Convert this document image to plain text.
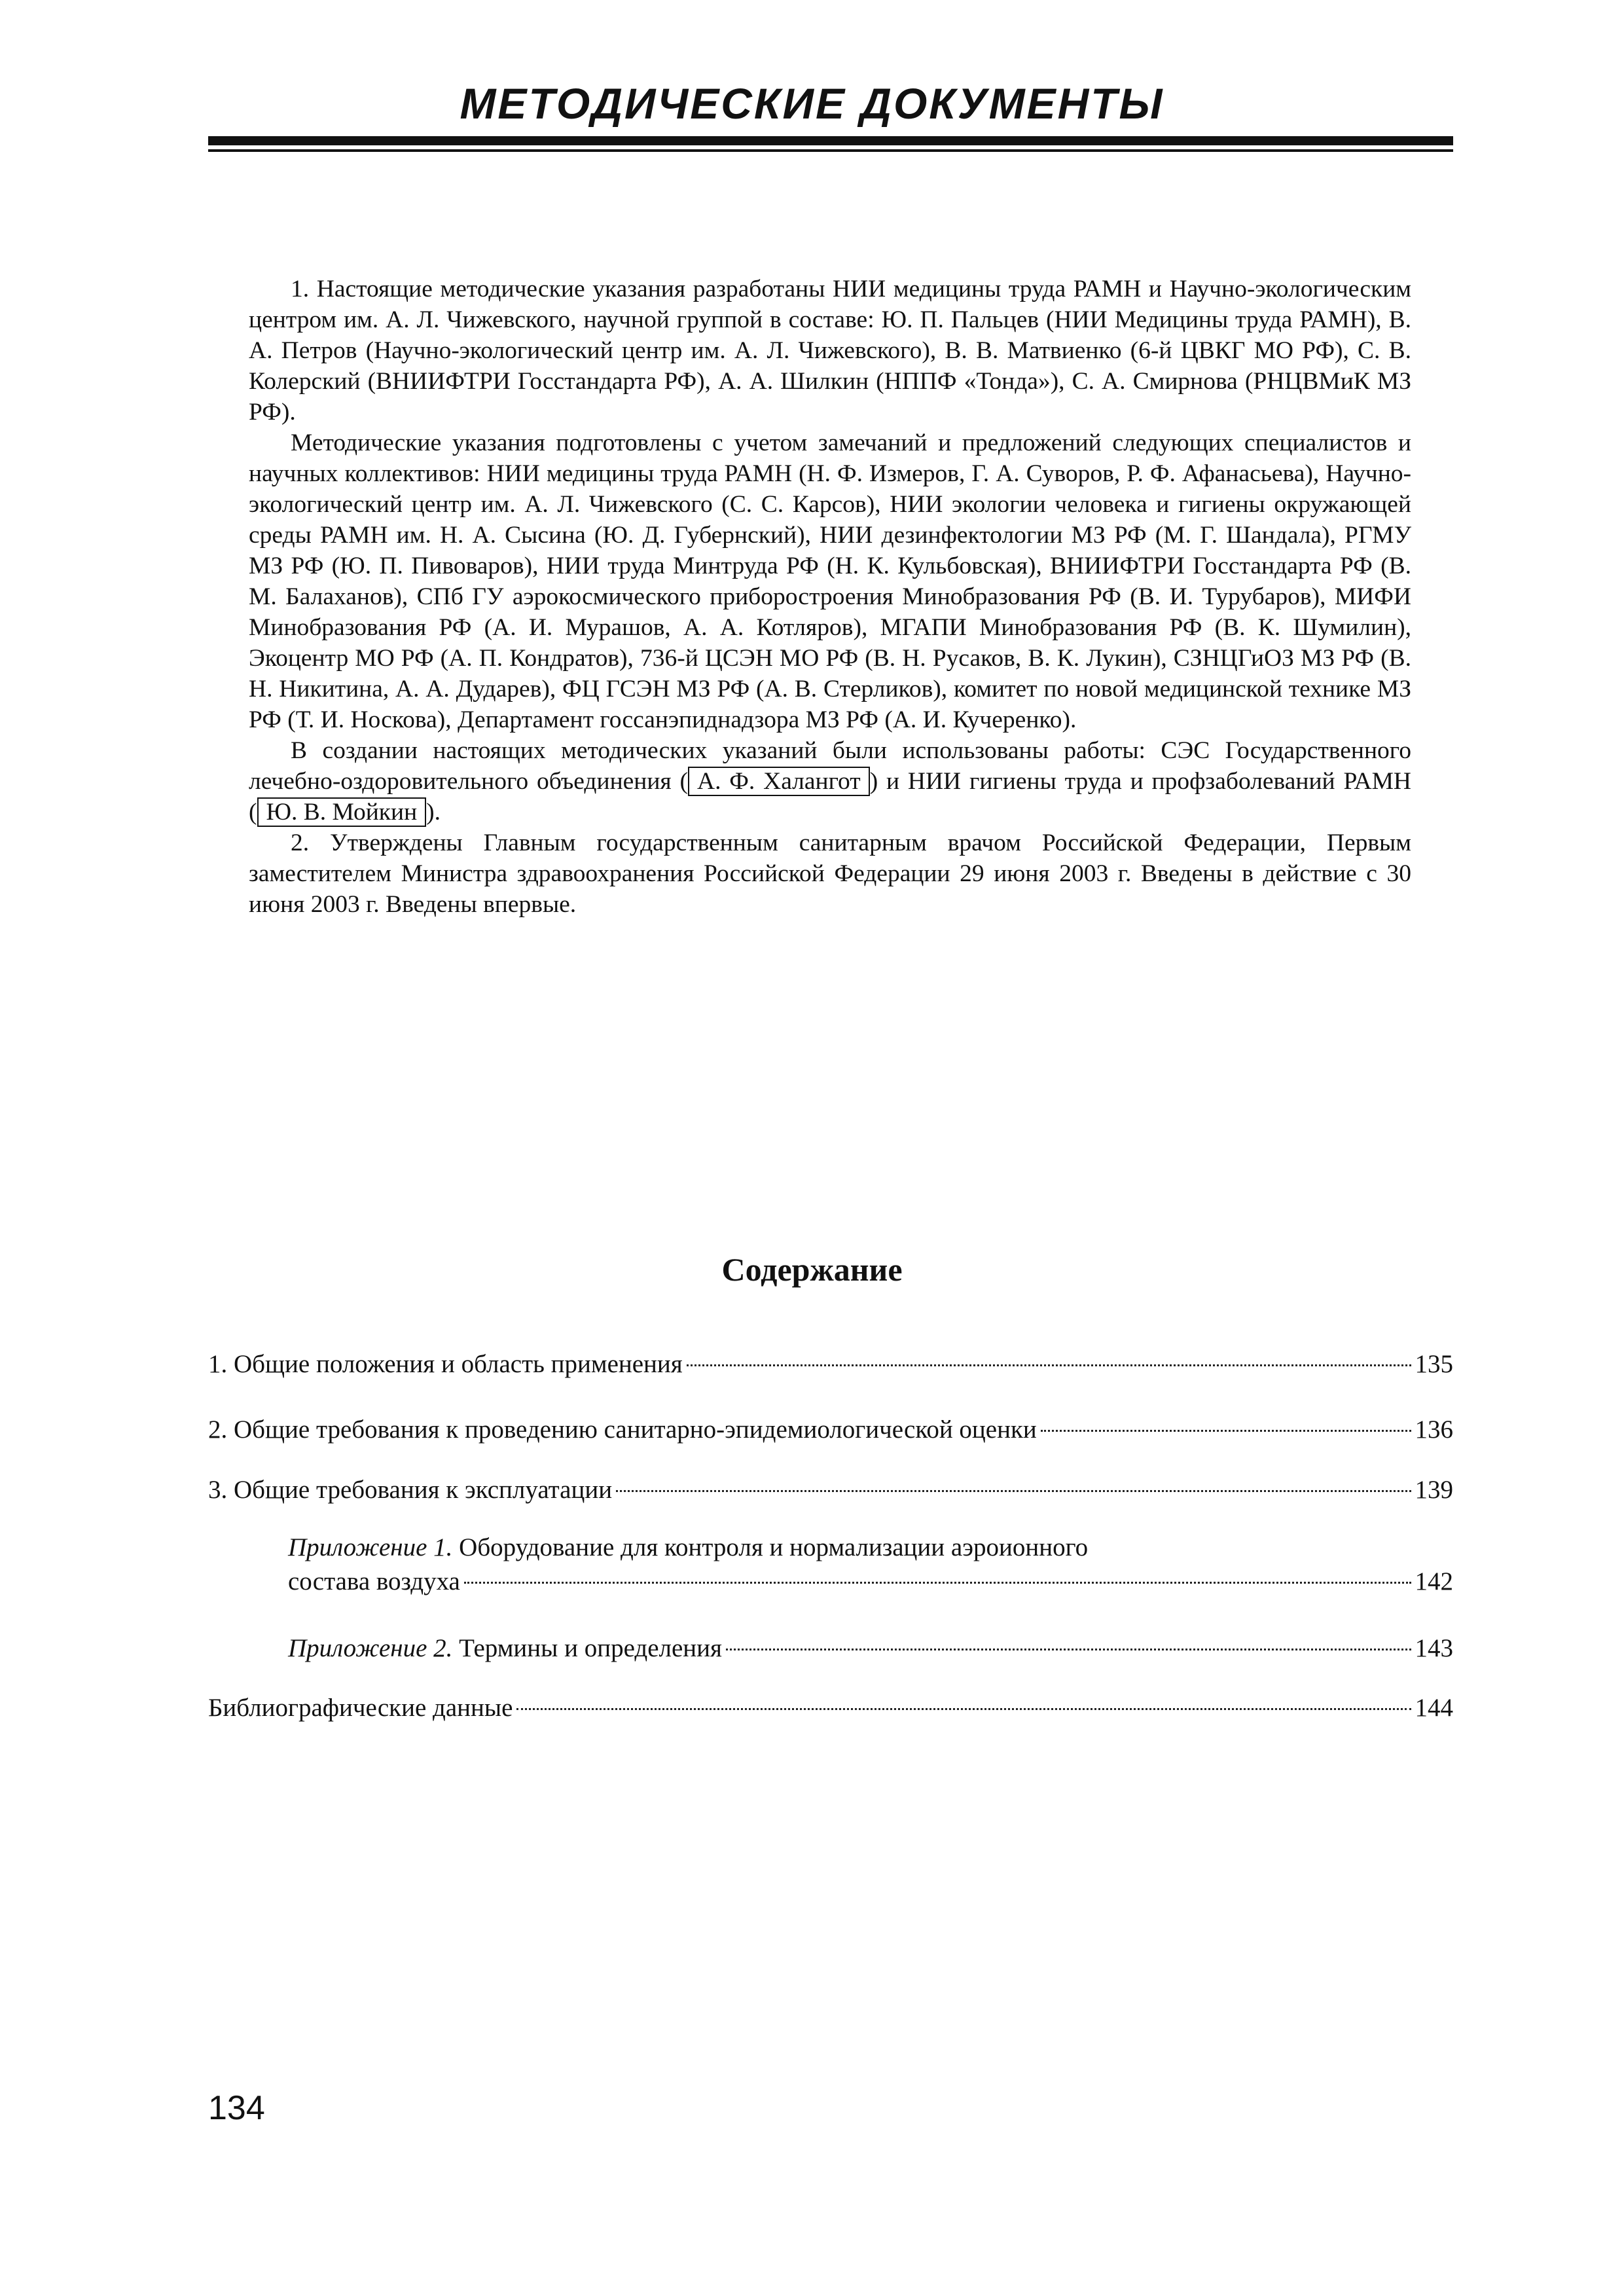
МЕТОДИЧЕСКИЕ ДОКУМЕНТЫ

1. Настоящие методические указания разработаны НИИ медицины труда РАМН и Научно-экологическим центром им. А. Л. Чижевского, научной группой в составе: Ю. П. Пальцев (НИИ Медицины труда РАМН), В. А. Петров (Научно-экологический центр им. А. Л. Чижевского), В. В. Матвиенко (6-й ЦВКГ МО РФ), С. В. Колерский (ВНИИФТРИ Госстандарта РФ), А. А. Шилкин (НППФ «Тонда»), С. А. Смирнова (РНЦВМиК МЗ РФ).

Методические указания подготовлены с учетом замечаний и предложений следующих специалистов и научных коллективов: НИИ медицины труда РАМН (Н. Ф. Измеров, Г. А. Суворов, Р. Ф. Афанасьева), Научно-экологический центр им. А. Л. Чижевского (С. С. Карсов), НИИ экологии человека и гигиены окружающей среды РАМН им. Н. А. Сысина (Ю. Д. Губернский), НИИ дезинфектологии МЗ РФ (М. Г. Шандала), РГМУ МЗ РФ (Ю. П. Пивоваров), НИИ труда Минтруда РФ (Н. К. Кульбовская), ВНИИФТРИ Госстандарта РФ (В. М. Балаханов), СПб ГУ аэрокосмического приборостроения Минобразования РФ (В. И. Турубаров), МИФИ Минобразования РФ (А. И. Мурашов, А. А. Котляров), МГАПИ Минобразования РФ (В. К. Шумилин), Экоцентр МО РФ (А. П. Кондратов), 736-й ЦСЭН МО РФ (В. Н. Русаков, В. К. Лукин), СЗНЦГиОЗ МЗ РФ (В. Н. Никитина, А. А. Дударев), ФЦ ГСЭН МЗ РФ (А. В. Стерликов), комитет по новой медицинской технике МЗ РФ (Т. И. Носкова), Департамент госсанэпиднадзора МЗ РФ (А. И. Кучеренко).

В создании настоящих методических указаний были использованы работы: СЭС Государственного лечебно-оздоровительного объединения ( А. Ф. Халангот ) и НИИ гигиены труда и профзаболеваний РАМН ( Ю. В. Мойкин ).

2. Утверждены Главным государственным санитарным врачом Российской Федерации, Первым заместителем Министра здравоохранения Российской Федерации 29 июня 2003 г. Введены в действие с 30 июня 2003 г. Введены впервые.

Содержание
1. Общие положения и область применения	135
2. Общие требования к проведению санитарно-эпидемиологической оценки	136
3. Общие требования к эксплуатации	139
Приложение 1. Оборудование для контроля и нормализации аэроионного
состава воздуха	142
Приложение 2. Термины и определения	143
Библиографические данные	144

134
